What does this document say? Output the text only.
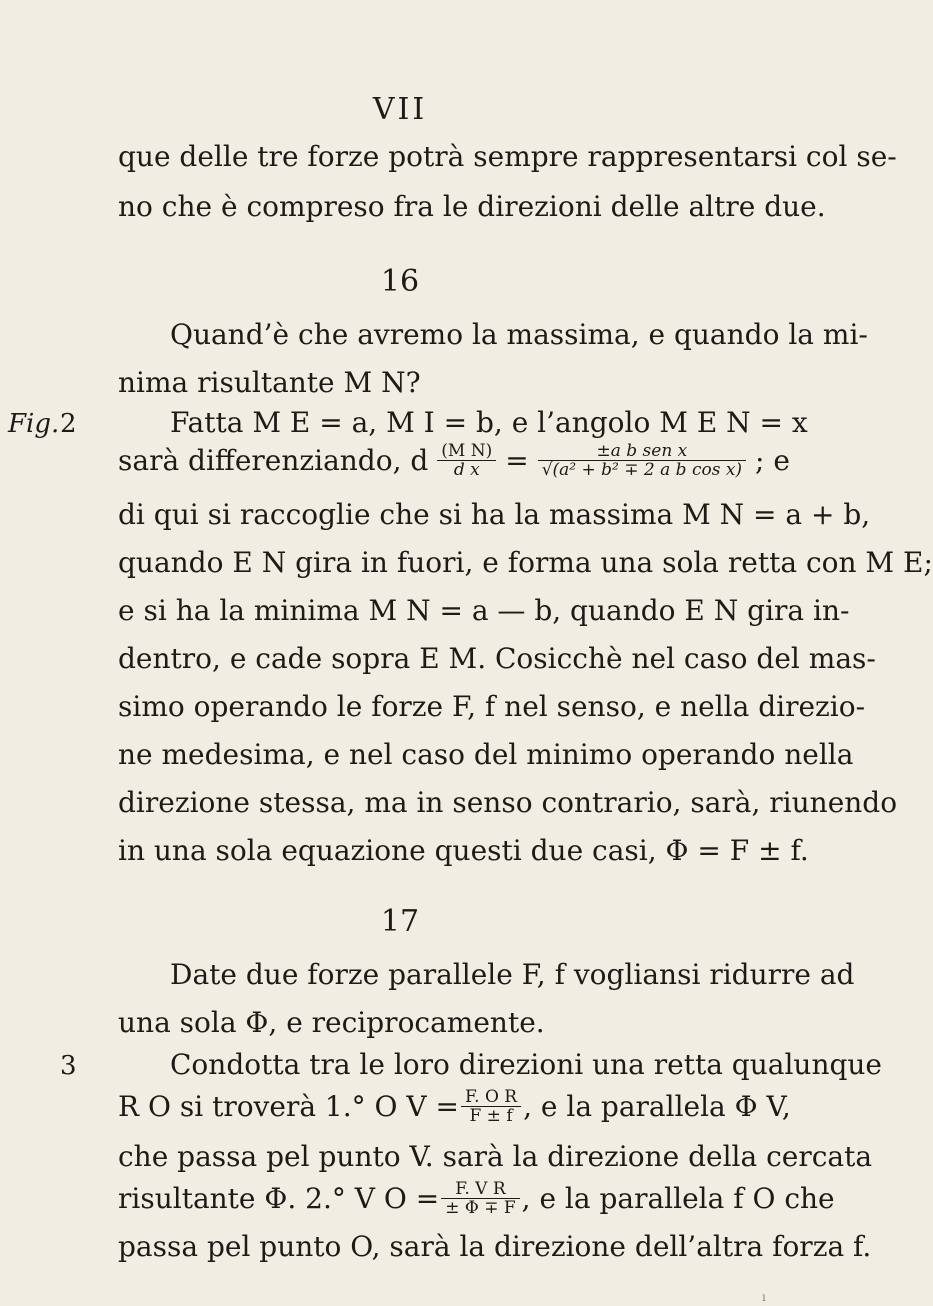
VII
que delle tre forze potrà sempre rappresentarsi col se-
no che è compreso fra le direzioni delle altre due.
16
Quand’è che avremo la massima, e quando la mi-
nima risultante M N?
Fig. 2	Fatta M E = a, M I = b, e l’angolo M E N = x
sarà differenziando, d $\frac{\text{(M N)}}{\text{d x}} = \frac{\text{±a b sen x}}{\text{√(a² + b² ∓ 2 a b cos x)}}$ ; e
di qui si raccoglie che si ha la massima M N = a + b,
quando E N gira in fuori, e forma una sola retta con M E;
e si ha la minima M N = a — b, quando E N gira in-
dentro, e cade sopra E M. Cosicchè nel caso del mas-
simo operando le forze F, f nel senso, e nella direzio-
ne medesima, e nel caso del minimo operando nella
direzione stessa, ma in senso contrario, sarà, riunendo
in una sola equazione questi due casi, Φ = F ± f.
17
Date due forze parallele F, f vogliansi ridurre ad
una sola Φ, e reciprocamente.
3	Condotta tra le loro direzioni una retta qualunque
R O si troverà 1.° O $V = \frac{\text{F. O R}}{F \pm f}$ , e la parallela Φ V,
che passa pel punto V. sarà la direzione della cercata
risultante Φ. 2.° V $O = \frac{\text{F. V R}}{\pm \Phi \mp F}$ , e la parallela f O che
passa pel punto O, sarà la direzione dell’altra forza f.
ı
